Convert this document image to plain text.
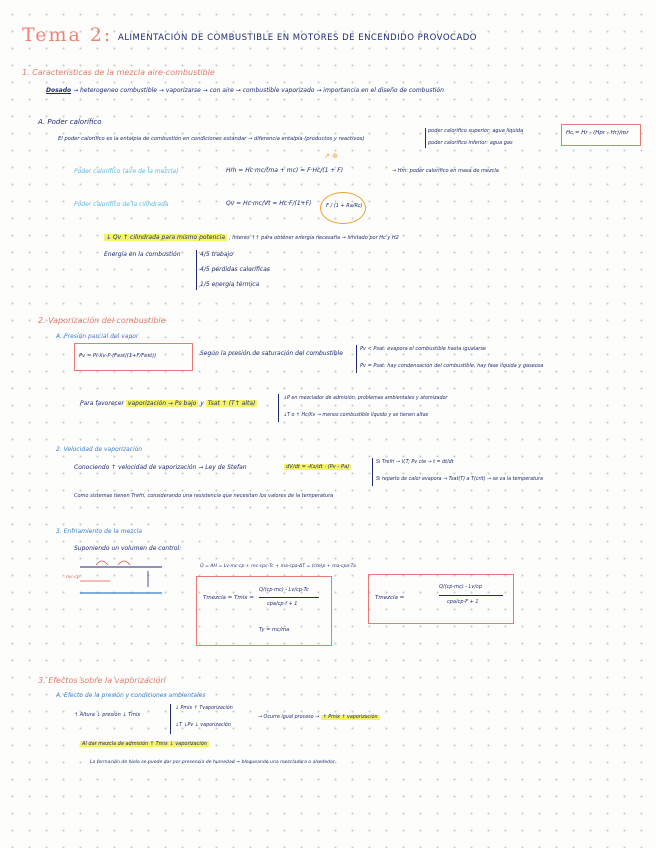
Tema 2: ALIMENTACIÓN DE COMBUSTIBLE EN MOTORES DE ENCENDIDO PROVOCADO
1. Características de la mezcla aire-combustible
Dosado → heterogeneo combustible → vaporizarse → con aire → combustible vaporizado → importancia en el diseño de combustión
A. Poder calorífico
El poder calorífico es la entalpía de combustión en condiciones estándar → diferencia entalpía (productos y reactivos)
poder calorífico superior: agua líquida
poder calorífico inferior: agua gas
Hc = Hr - (Hpr - Hr)/mr
Poder calorífico (aire de la mezcla)	Hm = Hc·mc/(ma + mc) = F·Hc/(1 + F)	→ Hm: poder calorífico en masa de mezcla
↗ ⊕
Poder calorífico de la cilindrada	Qv = Hc·mc/Vt = Hc·F/(1+F)	F / (1 + Ra/Rc)
↓ Qv ↑ cilindrada para mismo potencia ; interés ↑↑ para obtener energía necesaria → limitado por Hc y H2
Energía en la combustión	4/5 trabajo
4/5 pérdidas caloríficas
1/5 energía térmica
2. Vaporización del combustible
A. Presión parcial del vapor
Pv = Pi·Xv·P·(Fest/(1+F/Fest))	Según la presión de saturación del combustible
Pv < Psat: evapora el combustible hasta igualarse
Pv = Psat: hay condensación del combustible, hay fase líquida y gaseosa
Para favorecer vaporización → Ps bajo y Tsat ↑ (T↑ alta)
↓P en mezclador de admisión, problemas ambientales y atomizador
↓T o ↑ Hc/Kv → menos combustible líquido y se tienen altas
2. Velocidad de vaporización
Conociendo ↑ velocidad de vaporización → Ley de Stefan	dV/dt = -Ks/dt · (Pv - Pa)
Si Trefri → V,T; Pv cte → t = dt/dt
Si reparto de calor evapora → Tsat(T) a T(crit) → se va la temperatura
Como sistemas tienen Trefri, considerando una resistencia que necesitan los valores de la temperatura
3. Enfriamiento de la mezcla
Suponiendo un volumen de control:
mc·cp
Q = AH = Lv·mc·cp + mc·cpc·Tc + ma·cpa·ΔT = (cte)p + ma·cpa·Ta
Tmezcla = Tmix =
Q/(cp·mc) - Lv/cp·Tc
cpa/cp·f + 1
Ty = mc/ma
Tmezcla =
Q/(cp·mc) - Lv/cp
cpa/cp·F + 1
3. Efectos sobre la vaporización
A. Efecto de la presión y condiciones ambientales
↑ Altura ↓ presión ↓ Tmix
↓ Pmix ↑ Tvaporización
↓T ↓Pv ↓ vaporización
→ Ocurre igual proceso → ↑ Pmix ↑ vaporización
Al dar mezcla de admisión ↑ Tmix ↓ vaporización
La formación de hielo se puede dar por presencia de humedad → bloqueando una mezcladora o alrededor
